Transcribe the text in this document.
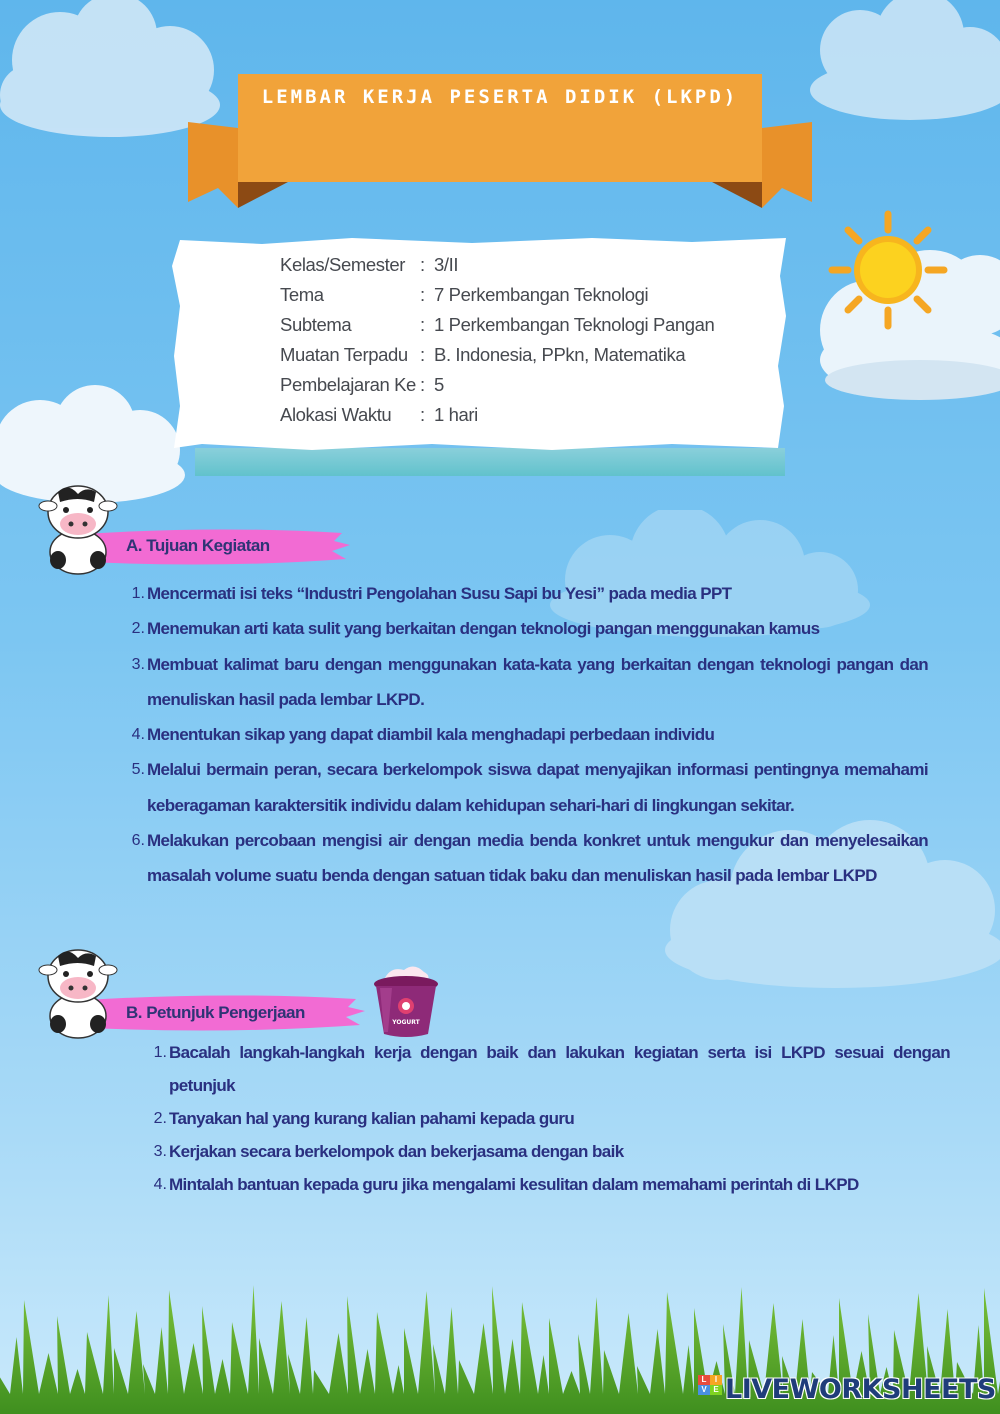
LEMBAR KERJA PESERTA DIDIK (LKPD)
Kelas/Semester : 3/II
Tema	: 7 Perkembangan Teknologi
Subtema	: 1 Perkembangan Teknologi Pangan
Muatan Terpadu : B. Indonesia, PPkn, Matematika
Pembelajaran Ke : 5
Alokasi Waktu	: 1 hari
A. Tujuan Kegiatan
1. Mencermati isi teks “Industri Pengolahan Susu Sapi bu Yesi” pada media PPT
2. Menemukan arti kata sulit yang berkaitan dengan teknologi pangan menggunakan kamus
3. Membuat kalimat baru dengan menggunakan kata-kata yang berkaitan dengan teknologi pangan dan menuliskan hasil pada lembar LKPD.
4. Menentukan sikap yang dapat diambil kala menghadapi perbedaan individu
5. Melalui bermain peran, secara berkelompok siswa dapat menyajikan informasi pentingnya memahami keberagaman karaktersitik individu dalam kehidupan sehari-hari di lingkungan sekitar.
6. Melakukan percobaan mengisi air dengan media benda konkret untuk mengukur dan menyelesaikan masalah volume suatu benda dengan satuan tidak baku dan menuliskan hasil pada lembar LKPD
B. Petunjuk Pengerjaan
YOGURT
1. Bacalah langkah-langkah kerja dengan baik dan lakukan kegiatan serta isi LKPD sesuai dengan petunjuk
2. Tanyakan hal yang kurang kalian pahami kepada guru
3. Kerjakan secara berkelompok dan bekerjasama dengan baik
4. Mintalah bantuan kepada guru jika mengalami kesulitan dalam memahami perintah di LKPD
L	I
V E LIVEWORKSHEETS
